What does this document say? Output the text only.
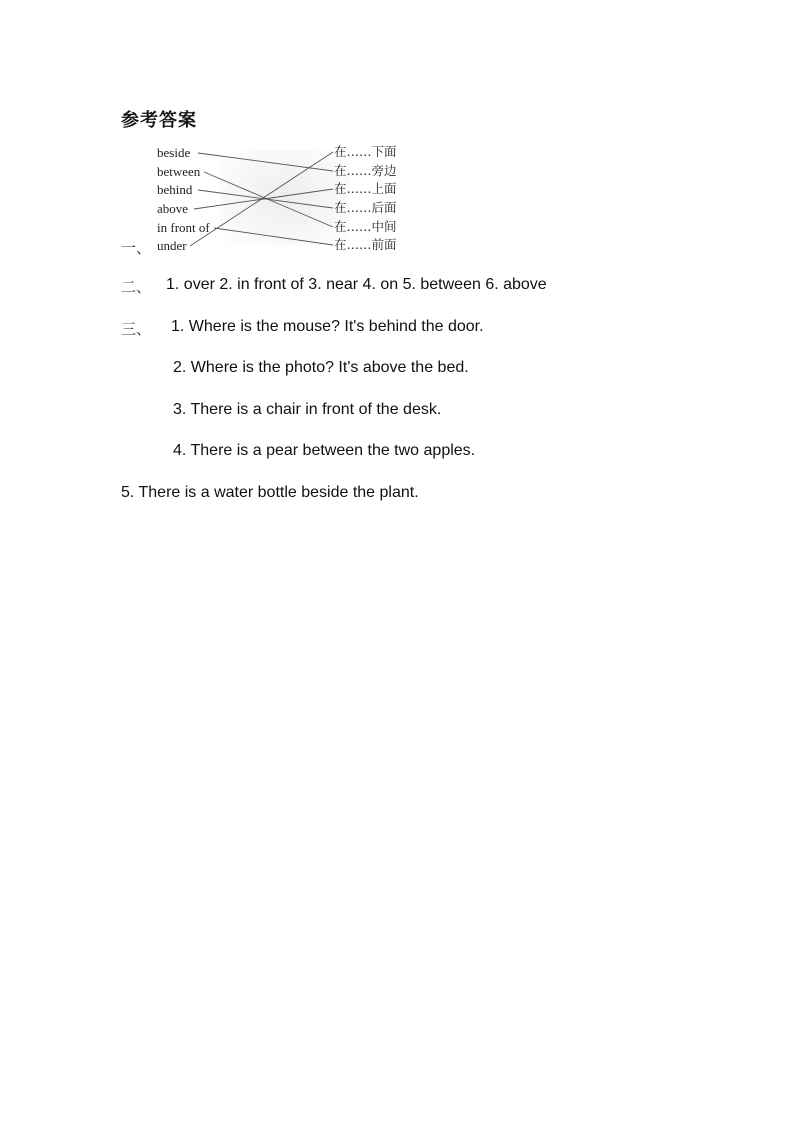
参考答案
beside
between
behind
above
in front of
under
在……下面
在……旁边
在……上面
在……后面
在……中间
在……前面
一、
二、 1. over 2. in front of 3. near 4. on 5. between 6. above
三、 1. Where is the mouse? It's behind the door.
2. Where is the photo? It's above the bed.
3. There is a chair in front of the desk.
4. There is a pear between the two apples.
5. There is a water bottle beside the plant.
